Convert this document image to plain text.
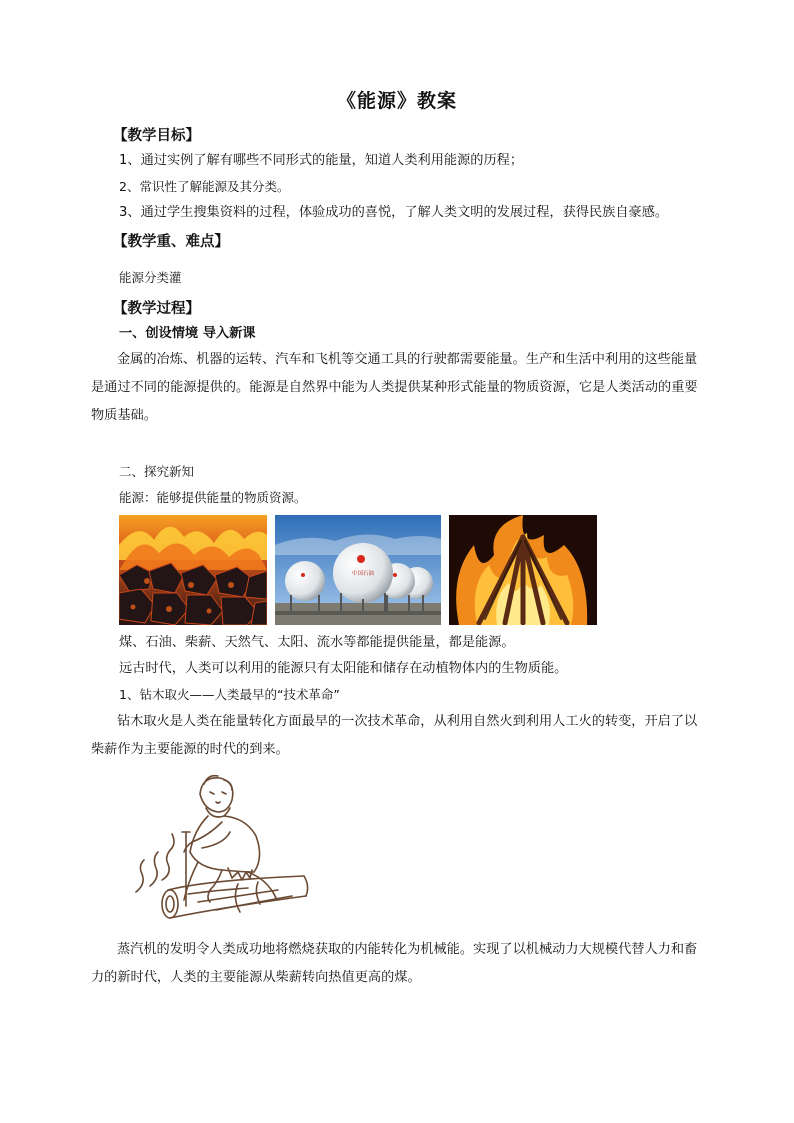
《能源》教案
【教学目标】
1、通过实例了解有哪些不同形式的能量，知道人类利用能源的历程；
2、常识性了解能源及其分类。
3、通过学生搜集资料的过程，体验成功的喜悦，了解人类文明的发展过程，获得民族自豪感。
【教学重、难点】
能源分类灌
【教学过程】
一、创设情境 导入新课
金属的冶炼、机器的运转、汽车和飞机等交通工具的行驶都需要能量。生产和生活中利用的这些能量是通过不同的能源提供的。能源是自然界中能为人类提供某种形式能量的物质资源，它是人类活动的重要物质基础。
二、探究新知
能源：能够提供能量的物质资源。
中国石油
煤、石油、柴薪、天然气、太阳、流水等都能提供能量，都是能源。
远古时代，人类可以利用的能源只有太阳能和储存在动植物体内的生物质能。
1、钻木取火——人类最早的“技术革命”
钻木取火是人类在能量转化方面最早的一次技术革命，从利用自然火到利用人工火的转变，开启了以柴薪作为主要能源的时代的到来。
蒸汽机的发明令人类成功地将燃烧获取的内能转化为机械能。实现了以机械动力大规模代替人力和畜力的新时代，人类的主要能源从柴薪转向热值更高的煤。
